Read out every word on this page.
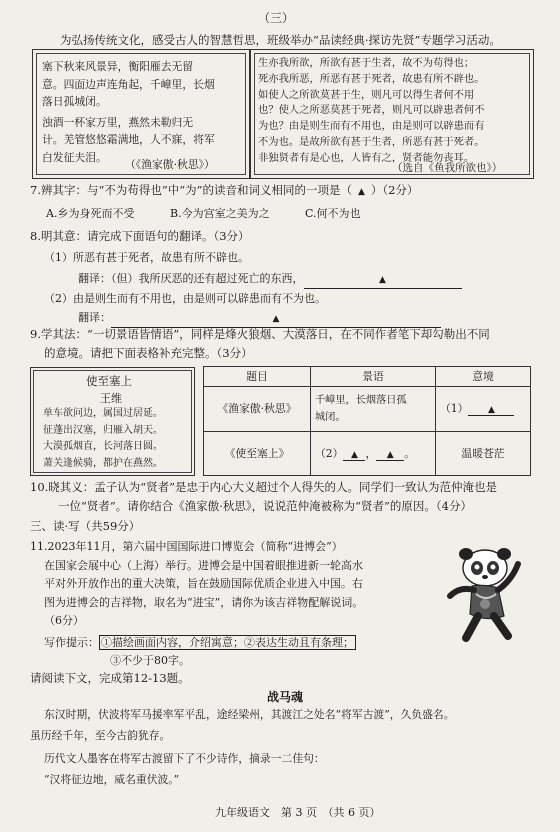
（三）
为弘扬传统文化，感受古人的智慧哲思，班级举办“品读经典·探访先贤”专题学习活动。
塞下秋来风景异，衡阳雁去无留
意。四面边声连角起，千嶂里，长烟
落日孤城闭。
浊酒一杯家万里，燕然未勒归无
计。羌管悠悠霜满地，人不寐，将军
白发征夫泪。
（《渔家傲·秋思》）
生亦我所欲，所欲有甚于生者，故不为苟得也；
死亦我所恶，所恶有甚于死者，故患有所不辟也。
如使人之所欲莫甚于生，则凡可以得生者何不用
也？使人之所恶莫甚于死者，则凡可以辟患者何不
为也？由是则生而有不用也，由是则可以辟患而有
不为也。是故所欲有甚于生者，所恶有甚于死者。
非独贤者有是心也，人皆有之，贤者能勿丧耳。
（选自《鱼我所欲也》）
7.辨其字：与“不为苟得也”中“为”的读音和词义相同的一项是（ ▲ ）（2分）
A.乡为身死而不受	B.今为宫室之美为之	C.何不为也
8.明其意：请完成下面语句的翻译。（3分）
（1）所恶有甚于死者，故患有所不辟也。
翻译：（但）我所厌恶的还有超过死亡的东西，	▲
（2）由是则生而有不用也，由是则可以辟患而有不为也。
翻译：	▲
9.学其法：“一切景语皆情语”，同样是烽火狼烟、大漠落日，在不同作者笔下却勾勒出不同
的意境。请把下面表格补充完整。（3分）
使至塞上
王维
单车欲问边，属国过居延。
征蓬出汉塞，归雁入胡天。
大漠孤烟直，长河落日圆。
萧关逢候骑，都护在燕然。
题目	景语	意境
《渔家傲·秋思》	千嶂里，长烟落日孤
城闭。	（1） ▲
《使至塞上》	（2） ▲ ， ▲ 。	温暖苍茫
10.晓其义：孟子认为“贤者”是忠于内心大义超过个人得失的人。同学们一致认为范仲淹也是
一位“贤者”。请你结合《渔家傲·秋思》，说说范仲淹被称为“贤者”的原因。（4分）
三、读·写（共59分）
11.2023年11月，第六届中国国际进口博览会（简称“进博会”）
在国家会展中心（上海）举行。进博会是中国着眼推进新一轮高水
平对外开放作出的重大决策，旨在鼓励国际优质企业进入中国。右
图为进博会的吉祥物，取名为“进宝”，请你为该吉祥物配解说词。
（6分）
写作提示： ①描绘画面内容，介绍寓意；②表达生动且有条理；
③不少于80字。
请阅读下文，完成第12-13题。
战马魂
东汉时期，伏波将军马援率军平乱，途经梁州，其渡江之处名“将军古渡”，久负盛名。
虽历经千年，至今古韵犹存。
历代文人墨客在将军古渡留下了不少诗作，摘录一二佳句：
“汉将征边地，威名重伏波。”
九年级语文　第 3 页　（共 6 页）
